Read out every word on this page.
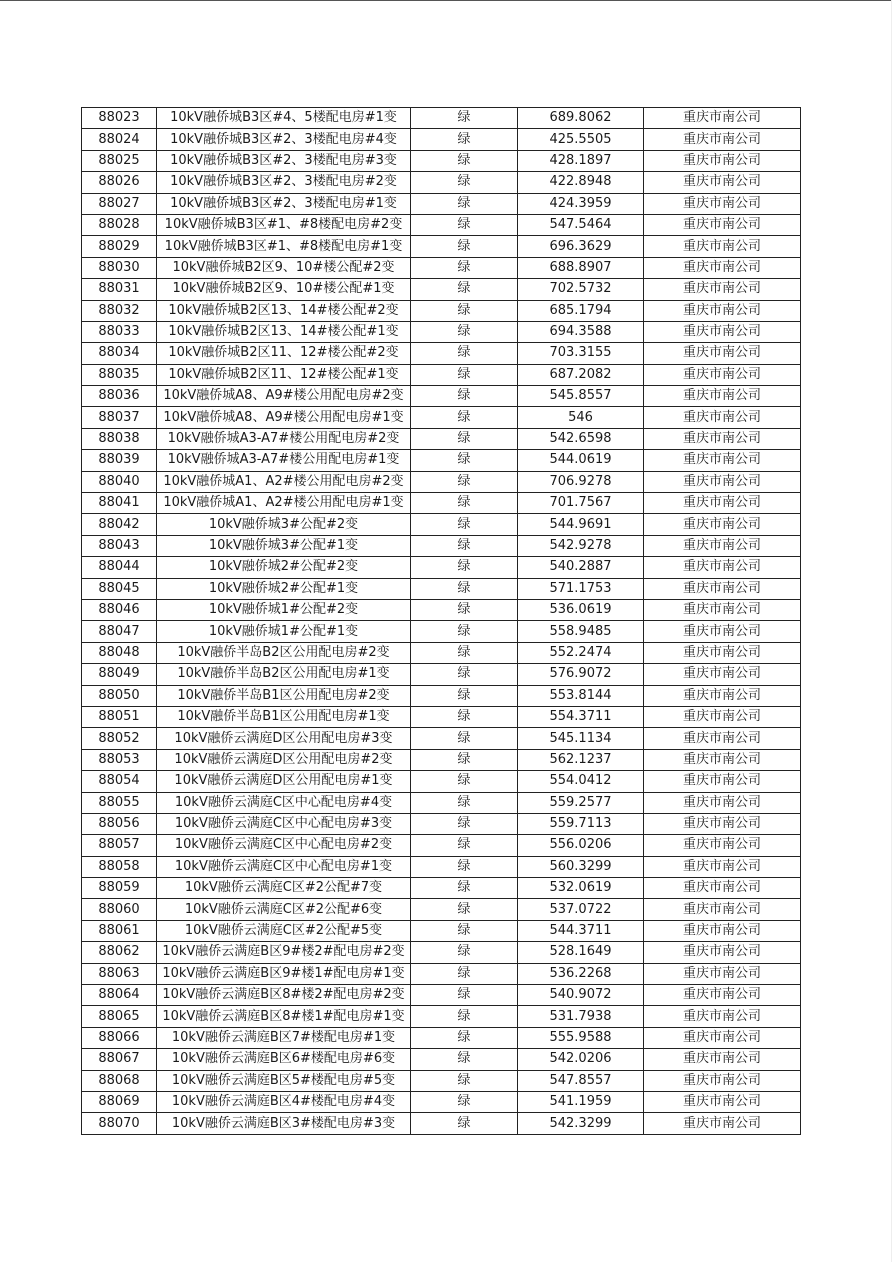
88023	10kV融侨城B3区#4、5楼配电房#1变	绿	689.8062	重庆市南公司
88024	10kV融侨城B3区#2、3楼配电房#4变	绿	425.5505	重庆市南公司
88025	10kV融侨城B3区#2、3楼配电房#3变	绿	428.1897	重庆市南公司
88026	10kV融侨城B3区#2、3楼配电房#2变	绿	422.8948	重庆市南公司
88027	10kV融侨城B3区#2、3楼配电房#1变	绿	424.3959	重庆市南公司
88028	10kV融侨城B3区#1、#8楼配电房#2变	绿	547.5464	重庆市南公司
88029	10kV融侨城B3区#1、#8楼配电房#1变	绿	696.3629	重庆市南公司
88030	10kV融侨城B2区9、10#楼公配#2变	绿	688.8907	重庆市南公司
88031	10kV融侨城B2区9、10#楼公配#1变	绿	702.5732	重庆市南公司
88032	10kV融侨城B2区13、14#楼公配#2变	绿	685.1794	重庆市南公司
88033	10kV融侨城B2区13、14#楼公配#1变	绿	694.3588	重庆市南公司
88034	10kV融侨城B2区11、12#楼公配#2变	绿	703.3155	重庆市南公司
88035	10kV融侨城B2区11、12#楼公配#1变	绿	687.2082	重庆市南公司
88036	10kV融侨城A8、A9#楼公用配电房#2变	绿	545.8557	重庆市南公司
88037	10kV融侨城A8、A9#楼公用配电房#1变	绿	546	重庆市南公司
88038	10kV融侨城A3-A7#楼公用配电房#2变	绿	542.6598	重庆市南公司
88039	10kV融侨城A3-A7#楼公用配电房#1变	绿	544.0619	重庆市南公司
88040	10kV融侨城A1、A2#楼公用配电房#2变	绿	706.9278	重庆市南公司
88041	10kV融侨城A1、A2#楼公用配电房#1变	绿	701.7567	重庆市南公司
88042	10kV融侨城3#公配#2变	绿	544.9691	重庆市南公司
88043	10kV融侨城3#公配#1变	绿	542.9278	重庆市南公司
88044	10kV融侨城2#公配#2变	绿	540.2887	重庆市南公司
88045	10kV融侨城2#公配#1变	绿	571.1753	重庆市南公司
88046	10kV融侨城1#公配#2变	绿	536.0619	重庆市南公司
88047	10kV融侨城1#公配#1变	绿	558.9485	重庆市南公司
88048	10kV融侨半岛B2区公用配电房#2变	绿	552.2474	重庆市南公司
88049	10kV融侨半岛B2区公用配电房#1变	绿	576.9072	重庆市南公司
88050	10kV融侨半岛B1区公用配电房#2变	绿	553.8144	重庆市南公司
88051	10kV融侨半岛B1区公用配电房#1变	绿	554.3711	重庆市南公司
88052	10kV融侨云满庭D区公用配电房#3变	绿	545.1134	重庆市南公司
88053	10kV融侨云满庭D区公用配电房#2变	绿	562.1237	重庆市南公司
88054	10kV融侨云满庭D区公用配电房#1变	绿	554.0412	重庆市南公司
88055	10kV融侨云满庭C区中心配电房#4变	绿	559.2577	重庆市南公司
88056	10kV融侨云满庭C区中心配电房#3变	绿	559.7113	重庆市南公司
88057	10kV融侨云满庭C区中心配电房#2变	绿	556.0206	重庆市南公司
88058	10kV融侨云满庭C区中心配电房#1变	绿	560.3299	重庆市南公司
88059	10kV融侨云满庭C区#2公配#7变	绿	532.0619	重庆市南公司
88060	10kV融侨云满庭C区#2公配#6变	绿	537.0722	重庆市南公司
88061	10kV融侨云满庭C区#2公配#5变	绿	544.3711	重庆市南公司
88062	10kV融侨云满庭B区9#楼2#配电房#2变	绿	528.1649	重庆市南公司
88063	10kV融侨云满庭B区9#楼1#配电房#1变	绿	536.2268	重庆市南公司
88064	10kV融侨云满庭B区8#楼2#配电房#2变	绿	540.9072	重庆市南公司
88065	10kV融侨云满庭B区8#楼1#配电房#1变	绿	531.7938	重庆市南公司
88066	10kV融侨云满庭B区7#楼配电房#1变	绿	555.9588	重庆市南公司
88067	10kV融侨云满庭B区6#楼配电房#6变	绿	542.0206	重庆市南公司
88068	10kV融侨云满庭B区5#楼配电房#5变	绿	547.8557	重庆市南公司
88069	10kV融侨云满庭B区4#楼配电房#4变	绿	541.1959	重庆市南公司
88070	10kV融侨云满庭B区3#楼配电房#3变	绿	542.3299	重庆市南公司
